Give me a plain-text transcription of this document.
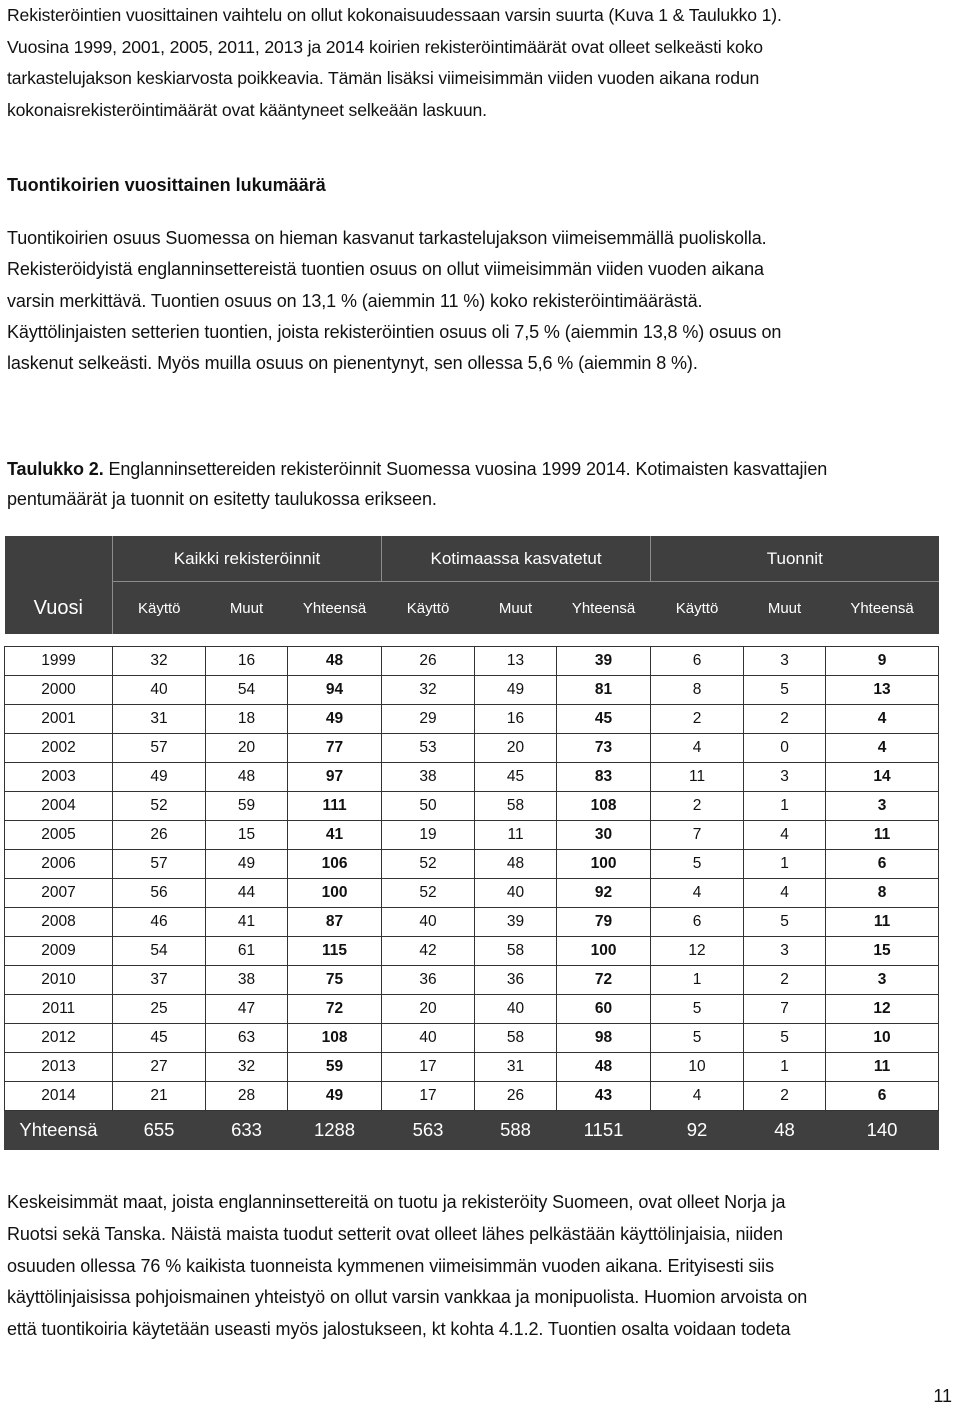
Rekisteröintien vuosittainen vaihtelu on ollut kokonaisuudessaan varsin suurta (Kuva 1 & Taulukko 1).
Vuosina 1999, 2001, 2005, 2011, 2013 ja 2014 koirien rekisteröintimäärät ovat olleet selkeästi koko
tarkastelujakson keskiarvosta poikkeavia. Tämän lisäksi viimeisimmän viiden vuoden aikana rodun
kokonaisrekisteröintimäärät ovat kääntyneet selkeään laskuun.
Tuontikoirien vuosittainen lukumäärä
Tuontikoirien osuus Suomessa on hieman kasvanut tarkastelujakson viimeisemmällä puoliskolla.
Rekisteröidyistä englanninsettereistä tuontien osuus on ollut viimeisimmän viiden vuoden aikana
varsin merkittävä. Tuontien osuus on 13,1 % (aiemmin 11 %) koko rekisteröintimäärästä.
Käyttölinjaisten setterien tuontien, joista rekisteröintien osuus oli 7,5 % (aiemmin 13,8 %) osuus on
laskenut selkeästi. Myös muilla osuus on pienentynyt, sen ollessa 5,6 % (aiemmin 8 %).
Taulukko 2. Englanninsettereiden rekisteröinnit Suomessa vuosina 1999 2014. Kotimaisten kasvattajien
pentumäärät ja tuonnit on esitetty taulukossa erikseen.
Vuosi	Kaikki rekisteröinnit			Kotimaassa kasvatetut			Tuonnit		
	Käyttö	Muut	Yhteensä	Käyttö	Muut	Yhteensä	Käyttö	Muut	Yhteensä

1999	32	16	48	26	13	39	6	3	9
2000	40	54	94	32	49	81	8	5	13
2001	31	18	49	29	16	45	2	2	4
2002	57	20	77	53	20	73	4	0	4
2003	49	48	97	38	45	83	11	3	14
2004	52	59	111	50	58	108	2	1	3
2005	26	15	41	19	11	30	7	4	11
2006	57	49	106	52	48	100	5	1	6
2007	56	44	100	52	40	92	4	4	8
2008	46	41	87	40	39	79	6	5	11
2009	54	61	115	42	58	100	12	3	15
2010	37	38	75	36	36	72	1	2	3
2011	25	47	72	20	40	60	5	7	12
2012	45	63	108	40	58	98	5	5	10
2013	27	32	59	17	31	48	10	1	11
2014	21	28	49	17	26	43	4	2	6
Yhteensä	655	633	1288	563	588	1151	92	48	140
Keskeisimmät maat, joista englanninsettereitä on tuotu ja rekisteröity Suomeen, ovat olleet Norja ja
Ruotsi sekä Tanska. Näistä maista tuodut setterit ovat olleet lähes pelkästään käyttölinjaisia, niiden
osuuden ollessa 76 % kaikista tuonneista kymmenen viimeisimmän vuoden aikana. Erityisesti siis
käyttölinjaisissa pohjoismainen yhteistyö on ollut varsin vankkaa ja monipuolista. Huomion arvoista on
että tuontikoiria käytetään useasti myös jalostukseen, kt kohta 4.1.2. Tuontien osalta voidaan todeta
11
